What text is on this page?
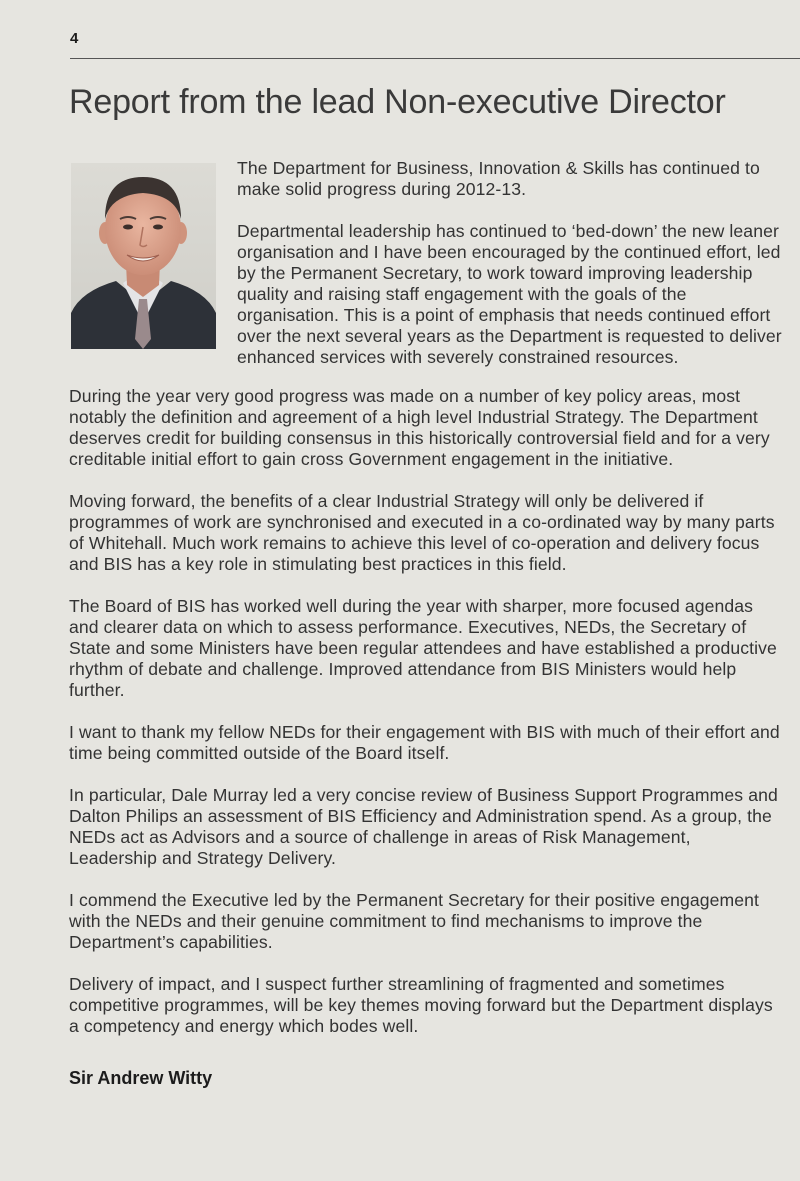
4
Report from the lead Non-executive Director

The Department for Business, Innovation & Skills has continued to make solid progress during 2012-13.

Departmental leadership has continued to ‘bed-down’ the new leaner organisation and I have been encouraged by the continued effort, led by the Permanent Secretary, to work toward improving leadership quality and raising staff engagement with the goals of the organisation. This is a point of emphasis that needs continued effort over the next several years as the Department is requested to deliver enhanced services with severely constrained resources.

During the year very good progress was made on a number of key policy areas, most notably the definition and agreement of a high level Industrial Strategy. The Department deserves credit for building consensus in this historically controversial field and for a very creditable initial effort to gain cross Government engagement in the initiative.

Moving forward, the benefits of a clear Industrial Strategy will only be delivered if programmes of work are synchronised and executed in a co-ordinated way by many parts of Whitehall. Much work remains to achieve this level of co-operation and delivery focus and BIS has a key role in stimulating best practices in this field.

The Board of BIS has worked well during the year with sharper, more focused agendas and clearer data on which to assess performance. Executives, NEDs, the Secretary of State and some Ministers have been regular attendees and have established a productive rhythm of debate and challenge. Improved attendance from BIS Ministers would help further.

I want to thank my fellow NEDs for their engagement with BIS with much of their effort and time being committed outside of the Board itself.

In particular, Dale Murray led a very concise review of Business Support Programmes and Dalton Philips an assessment of BIS Efficiency and Administration spend. As a group, the NEDs act as Advisors and a source of challenge in areas of Risk Management, Leadership and Strategy Delivery.

I commend the Executive led by the Permanent Secretary for their positive engagement with the NEDs and their genuine commitment to find mechanisms to improve the Department’s capabilities.

Delivery of impact, and I suspect further streamlining of fragmented and sometimes competitive programmes, will be key themes moving forward but the Department displays a competency and energy which bodes well.

Sir Andrew Witty
